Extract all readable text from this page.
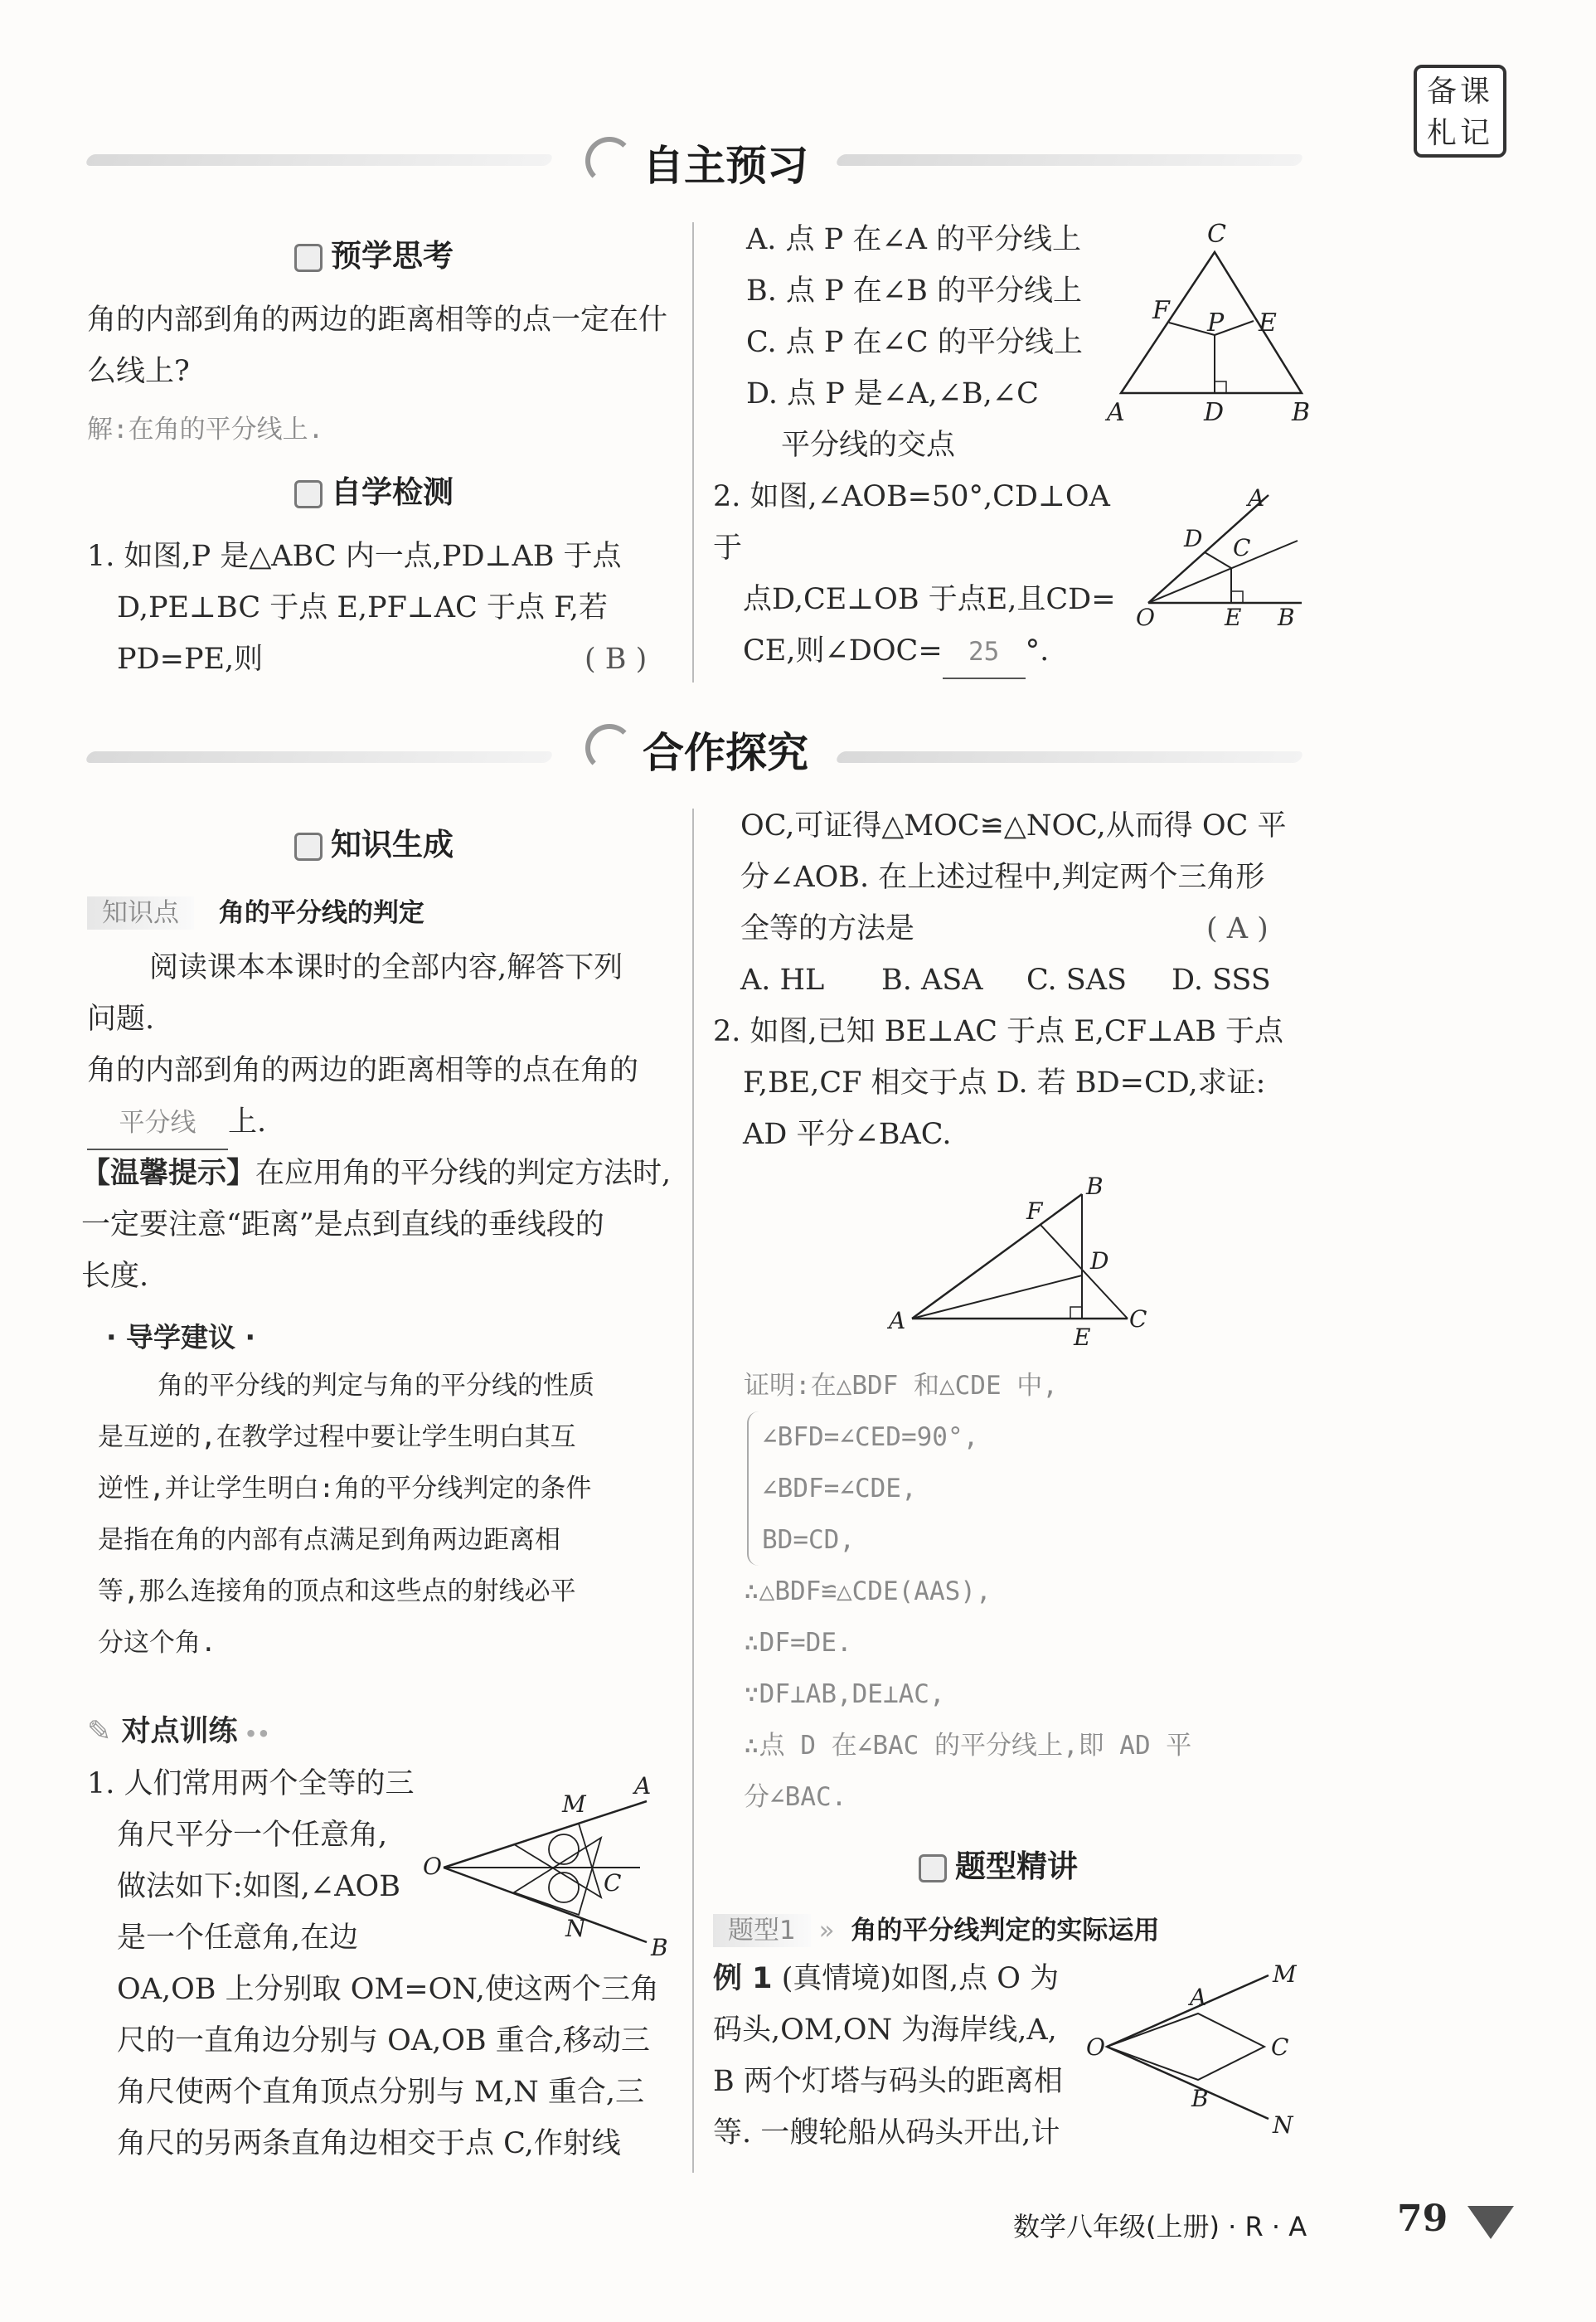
备课札记
自主预习
预学思考
角的内部到角的两边的距离相等的点一定在什
么线上?
解:在角的平分线上.
自学检测
1. 如图,P 是△ABC 内一点,PD⊥AB 于点
D,PE⊥BC 于点 E,PF⊥AC 于点 F,若
PD=PE,则	( B )
A. 点 P 在∠A 的平分线上
B. 点 P 在∠B 的平分线上
C. 点 P 在∠C 的平分线上
D. 点 P 是∠A,∠B,∠C
平分线的交点
C
F P E
A	D	B
2. 如图,∠AOB=50°,CD⊥OA 于
点D,CE⊥OB 于点E,且CD=
CE,则∠DOC= 25 °.
A
D C
O	E B
合作探究
知识生成
知识点 角的平分线的判定
阅读课本本课时的全部内容,解答下列
问题.
角的内部到角的两边的距离相等的点在角的
平分线 上.
【温馨提示】在应用角的平分线的判定方法时,
一定要注意“距离”是点到直线的垂线段的
长度.
· 导学建议 ·
角的平分线的判定与角的平分线的性质
是互逆的,在教学过程中要让学生明白其互
逆性,并让学生明白:角的平分线判定的条件
是指在角的内部有点满足到角两边距离相
等,那么连接角的顶点和这些点的射线必平
分这个角.
✎ 对点训练 ••
1. 人们常用两个全等的三
角尺平分一个任意角,
做法如下:如图,∠AOB
是一个任意角,在边
OA,OB 上分别取 OM=ON,使这两个三角
尺的一直角边分别与 OA,OB 重合,移动三
角尺使两个直角顶点分别与 M,N 重合,三
角尺的另两条直角边相交于点 C,作射线
M
A
O
C
N
B
OC,可证得△MOC≌△NOC,从而得 OC 平
分∠AOB. 在上述过程中,判定两个三角形
全等的方法是	( A )
A. HL B. ASA C. SAS D. SSS
2. 如图,已知 BE⊥AC 于点 E,CF⊥AB 于点
F,BE,CF 相交于点 D. 若 BD=CD,求证:
AD 平分∠BAC.
B
F
D
A	C
E
证明:在△BDF 和△CDE 中,
∠BFD=∠CED=90°,
∠BDF=∠CDE,
BD=CD,
∴△BDF≌△CDE(AAS),
∴DF=DE.
∵DF⊥AB,DE⊥AC,
∴点 D 在∠BAC 的平分线上,即 AD 平
分∠BAC.
题型精讲
题型1 » 角的平分线判定的实际运用
例 1 (真情境)如图,点 O 为
码头,OM,ON 为海岸线,A,
B 两个灯塔与码头的距离相
等. 一艘轮船从码头开出,计
A
M
O	C
B
N
数学八年级(上册) · R · A 79
